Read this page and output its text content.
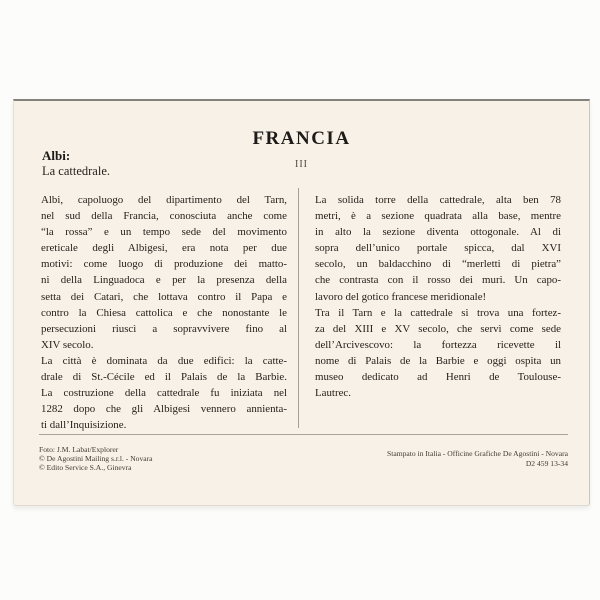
FRANCIA
III
Albi:
La cattedrale.
Albi, capoluogo del dipartimento del Tarn,
nel sud della Francia, conosciuta anche come
“la rossa” e un tempo sede del movimento
ereticale degli Albigesi, era nota per due
motivi: come luogo di produzione dei matto-
ni della Linguadoca e per la presenza della
setta dei Catari, che lottava contro il Papa e
contro la Chiesa cattolica e che nonostante le
persecuzioni riuscì a sopravvivere fino al
XIV secolo.
La città è dominata da due edifici: la catte-
drale di St.-Cécile ed il Palais de la Barbie.
La costruzione della cattedrale fu iniziata nel
1282 dopo che gli Albigesi vennero annienta-
ti dall’Inquisizione.
La solida torre della cattedrale, alta ben 78
metri, è a sezione quadrata alla base, mentre
in alto la sezione diventa ottogonale. Al di
sopra dell’unico portale spicca, dal XVI
secolo, un baldacchino di “merletti di pietra”
che contrasta con il rosso dei muri. Un capo-
lavoro del gotico francese meridionale!
Tra il Tarn e la cattedrale si trova una fortez-
za del XIII e XV secolo, che servì come sede
dell’Arcivescovo: la fortezza ricevette il
nome di Palais de la Barbie e oggi ospita un
museo dedicato ad Henri de Toulouse-
Lautrec.
Foto: J.M. Labat/Explorer
© De Agostini Mailing s.r.l. - Novara
© Edito Service S.A., Ginevra
Stampato in Italia - Officine Grafiche De Agostini - Novara
D2 459 13-34
